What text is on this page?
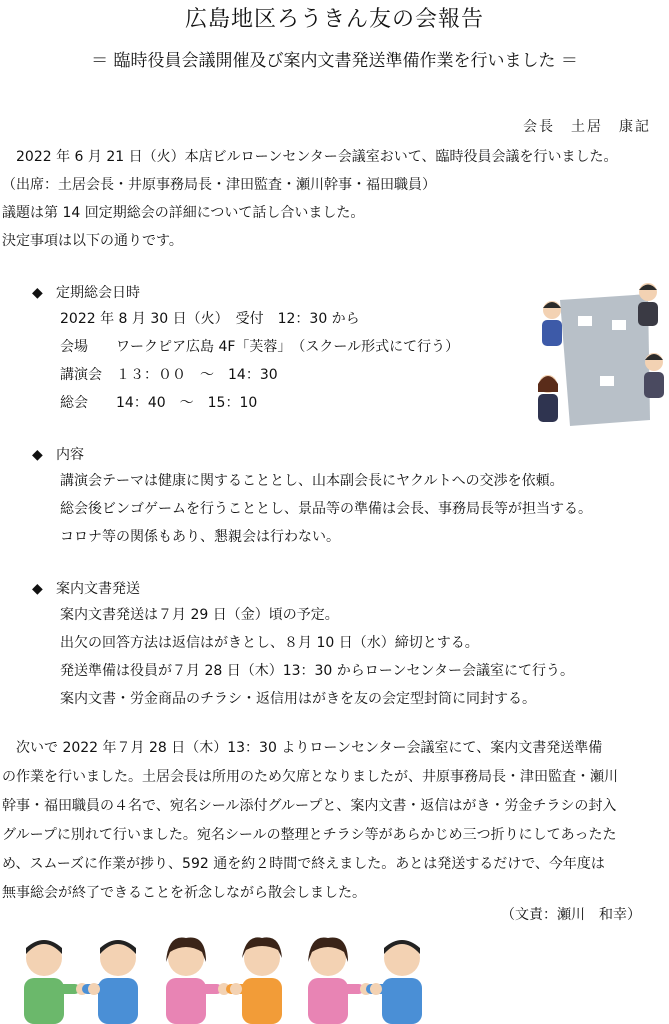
広島地区ろうきん友の会報告
＝ 臨時役員会議開催及び案内文書発送準備作業を行いました ＝
会長　土居　康記
　2022 年 6 月 21 日（火）本店ビルローンセンター会議室おいて、臨時役員会議を行いました。
（出席：土居会長・井原事務局長・津田監査・瀬川幹事・福田職員）
議題は第 14 回定期総会の詳細について話し合いました。
決定事項は以下の通りです。
◆ 定期総会日時
2022 年 8 月 30 日（火）　受付　12：30 から
会場　　ワークピア広島 4F「芙蓉」　（スクール形式にて行う）
講演会　１３：００　～　14：30
総会　　14：40　～　15：10
◆ 内容
講演会テーマは健康に関することとし、山本副会長にヤクルトへの交渉を依頼。
総会後ビンゴゲームを行うこととし、景品等の準備は会長、事務局長等が担当する。
コロナ等の関係もあり、懇親会は行わない。
◆ 案内文書発送
案内文書発送は７月 29 日（金）頃の予定。
出欠の回答方法は返信はがきとし、８月 10 日（水）締切とする。
発送準備は役員が７月 28 日（木）13：30 からローンセンター会議室にて行う。
案内文書・労金商品のチラシ・返信用はがきを友の会定型封筒に同封する。
　次いで 2022 年７月 28 日（木）13：30 よりローンセンター会議室にて、案内文書発送準備
の作業を行いました。土居会長は所用のため欠席となりましたが、井原事務局長・津田監査・瀬川
幹事・福田職員の４名で、宛名シール添付グループと、案内文書・返信はがき・労金チラシの封入
グループに別れて行いました。宛名シールの整理とチラシ等があらかじめ三つ折りにしてあったた
め、スムーズに作業が捗り、592 通を約２時間で終えました。あとは発送するだけで、今年度は
無事総会が終了できることを祈念しながら散会しました。
（文責：瀬川　和幸）
